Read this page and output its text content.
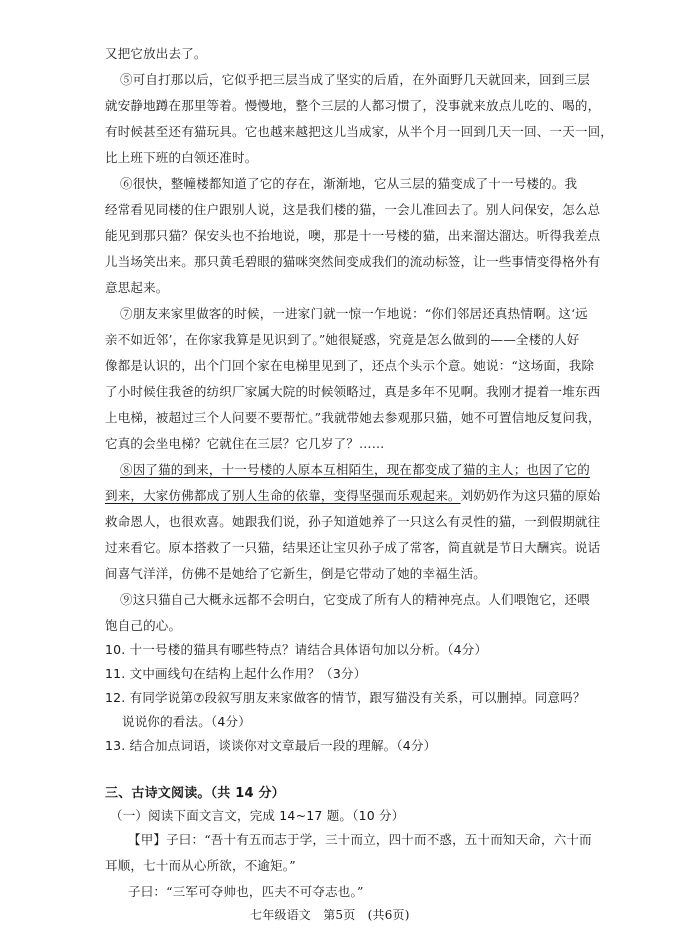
又把它放出去了。
⑤可自打那以后，它似乎把三层当成了坚实的后盾，在外面野几天就回来，回到三层
就安静地蹲在那里等着。慢慢地，整个三层的人都习惯了，没事就来放点儿吃的、喝的，
有时候甚至还有猫玩具。它也越来越把这儿当成家，从半个月一回到几天一回、一天一回，
比上班下班的白领还准时。
⑥很快，整幢楼都知道了它的存在，渐渐地，它从三层的猫变成了十一号楼的。我
经常看见同楼的住户跟别人说，这是我们楼的猫，一会儿准回去了。别人问保安，怎么总
能见到那只猫？保安头也不抬地说，噢，那是十一号楼的猫，出来溜达溜达。听得我差点
儿当场笑出来。那只黄毛碧眼的猫咪突然间变成我们的流动标签，让一些事情变得格外有
意思起来。
⑦朋友来家里做客的时候，一进家门就一惊一乍地说：“你们邻居还真热情啊。这‘远
亲不如近邻’，在你家我算是见识到了。”她很疑惑，究竟是怎么做到的——全楼的人好
像都是认识的，出个门回个家在电梯里见到了，还点个头示个意。她说：“这场面，我除
了小时候住我爸的纺织厂家属大院的时候领略过，真是多年不见啊。我刚才提着一堆东西
上电梯，被超过三个人问要不要帮忙。”我就带她去参观那只猫，她不可置信地反复问我，
它真的会坐电梯？它就住在三层？它几岁了？……
⑧因了猫的到来，十一号楼的人原本互相陌生，现在都变成了猫的主人；也因了它的
到来，大家仿佛都成了别人生命的依靠，变得坚强而乐观起来。刘奶奶作为这只猫的原始
救命恩人，也很欢喜。她跟我们说，孙子知道她养了一只这么有灵性的猫，一到假期就往
过来看它。原本搭救了一只猫，结果还让宝贝孙子成了常客，简直就是节日大酬宾。说话
间喜气洋洋，仿佛不是她给了它新生，倒是它带动了她的幸福生活。
⑨这只猫自己大概永远都不会明白，它变成了所有人的精神亮点。人们喂饱它，还喂
饱自己的心。
10. 十一号楼的猫具有哪些特点？请结合具体语句加以分析。（4分）
11. 文中画线句在结构上起什么作用？（3分）
12. 有同学说第⑦段叙写朋友来家做客的情节，跟写猫没有关系，可以删掉。同意吗？
说说你的看法。（4分）
13. 结合加点词语，谈谈你对文章最后一段的理解。（4分）
三、古诗文阅读。（共 14 分）
（一）阅读下面文言文，完成 14~17 题。（10 分）
【甲】子曰：“吾十有五而志于学，三十而立，四十而不惑，五十而知天命，六十而
耳顺，七十而从心所欲，不逾矩。”
子曰：“三军可夺帅也，匹夫不可夺志也。”
七年级语文　第5页　(共6页)
